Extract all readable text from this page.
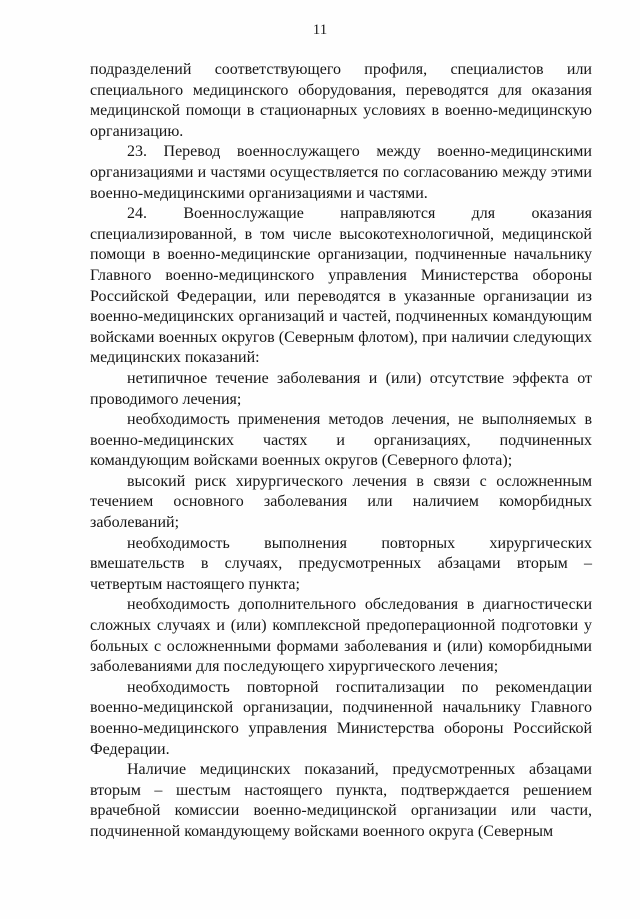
11

подразделений соответствующего профиля, специалистов или специального медицинского оборудования, переводятся для оказания медицинской помощи в стационарных условиях в военно-медицинскую организацию.

23. Перевод военнослужащего между военно-медицинскими организациями и частями осуществляется по согласованию между этими военно-медицинскими организациями и частями.

24. Военнослужащие направляются для оказания специализированной, в том числе высокотехнологичной, медицинской помощи в военно-медицинские организации, подчиненные начальнику Главного военно-медицинского управления Министерства обороны Российской Федерации, или переводятся в указанные организации из военно-медицинских организаций и частей, подчиненных командующим войсками военных округов (Северным флотом), при наличии следующих медицинских показаний:

нетипичное течение заболевания и (или) отсутствие эффекта от проводимого лечения;

необходимость применения методов лечения, не выполняемых в военно-медицинских частях и организациях, подчиненных командующим войсками военных округов (Северного флота);

высокий риск хирургического лечения в связи с осложненным течением основного заболевания или наличием коморбидных заболеваний;

необходимость выполнения повторных хирургических вмешательств в случаях, предусмотренных абзацами вторым – четвертым настоящего пункта;

необходимость дополнительного обследования в диагностически сложных случаях и (или) комплексной предоперационной подготовки у больных с осложненными формами заболевания и (или) коморбидными заболеваниями для последующего хирургического лечения;

необходимость повторной госпитализации по рекомендации военно-медицинской организации, подчиненной начальнику Главного военно-медицинского управления Министерства обороны Российской Федерации.

Наличие медицинских показаний, предусмотренных абзацами вторым – шестым настоящего пункта, подтверждается решением врачебной комиссии военно-медицинской организации или части, подчиненной командующему войсками военного округа (Северным
